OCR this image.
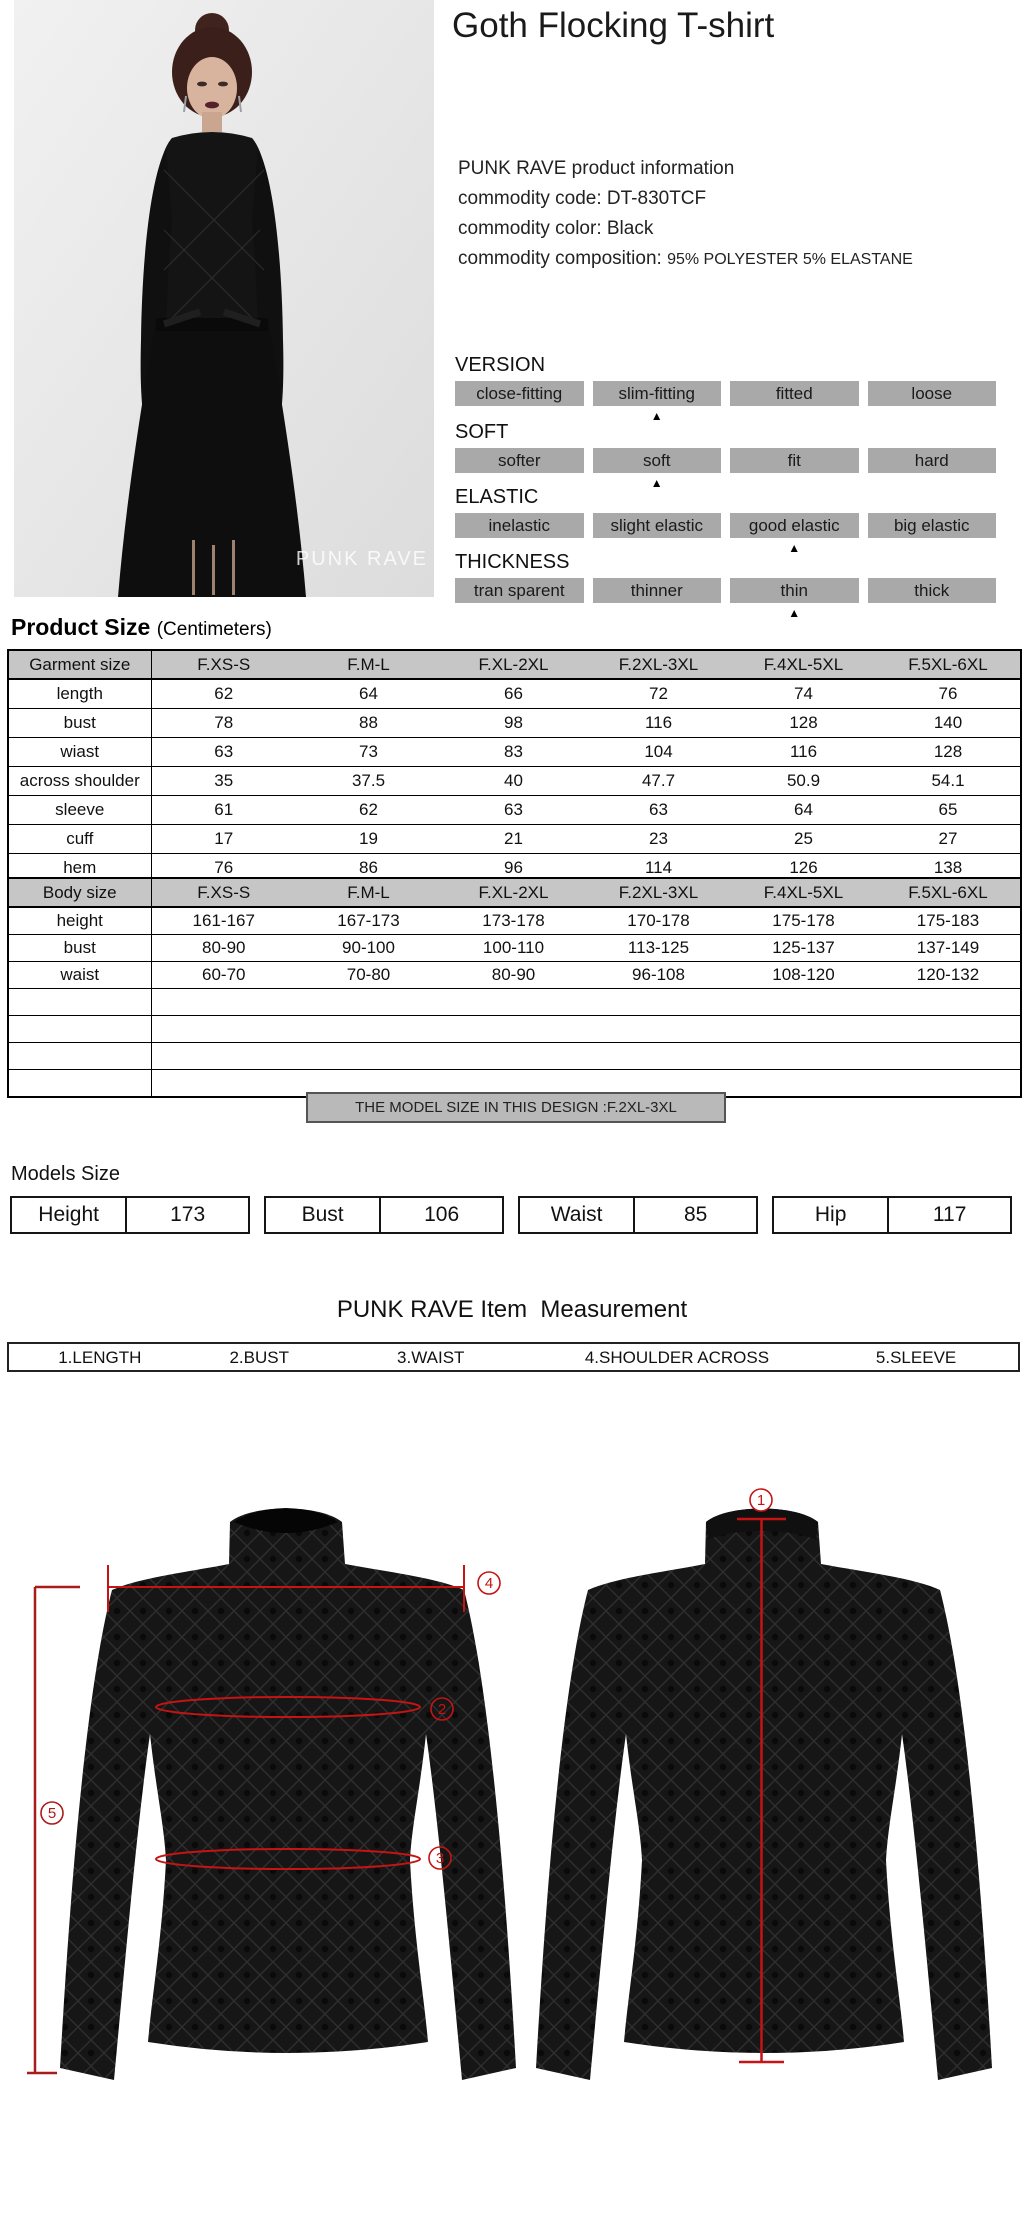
PUNK RAVE
Goth Flocking T-shirt
PUNK RAVE product information
commodity code: DT-830TCF
commodity color: Black
commodity composition: 95% POLYESTER 5% ELASTANE
VERSION
close-fitting	slim-fitting	fitted	loose
▲
SOFT
softer	soft	fit	hard
▲
ELASTIC
inelastic	slight elastic	good elastic	big elastic
▲
THICKNESS
tran sparent	thinner	thin	thick
▲
Product Size (Centimeters)
Garment size	F.XS-S	F.M-L	F.XL-2XL	F.2XL-3XL	F.4XL-5XL	F.5XL-6XL
length	62	64	66	72	74	76
bust	78	88	98	116	128	140
wiast	63	73	83	104	116	128
across shoulder	35	37.5	40	47.7	50.9	54.1
sleeve	61	62	63	63	64	65
cuff	17	19	21	23	25	27
hem	76	86	96	114	126	138
Body size	F.XS-S	F.M-L	F.XL-2XL	F.2XL-3XL	F.4XL-5XL	F.5XL-6XL
height	161-167	167-173	173-178	170-178	175-178	175-183
bust	80-90	90-100	100-110	113-125	125-137	137-149
waist	60-70	70-80	80-90	96-108	108-120	120-132

THE MODEL SIZE IN THIS DESIGN :F.2XL-3XL
Models Size
Height	173	Bust	106	Waist	85	Hip	117
PUNK RAVE Item  Measurement
1.LENGTH	2.BUST	3.WAIST	4.SHOULDER ACROSS	5.SLEEVE
1
2
3
4
5
